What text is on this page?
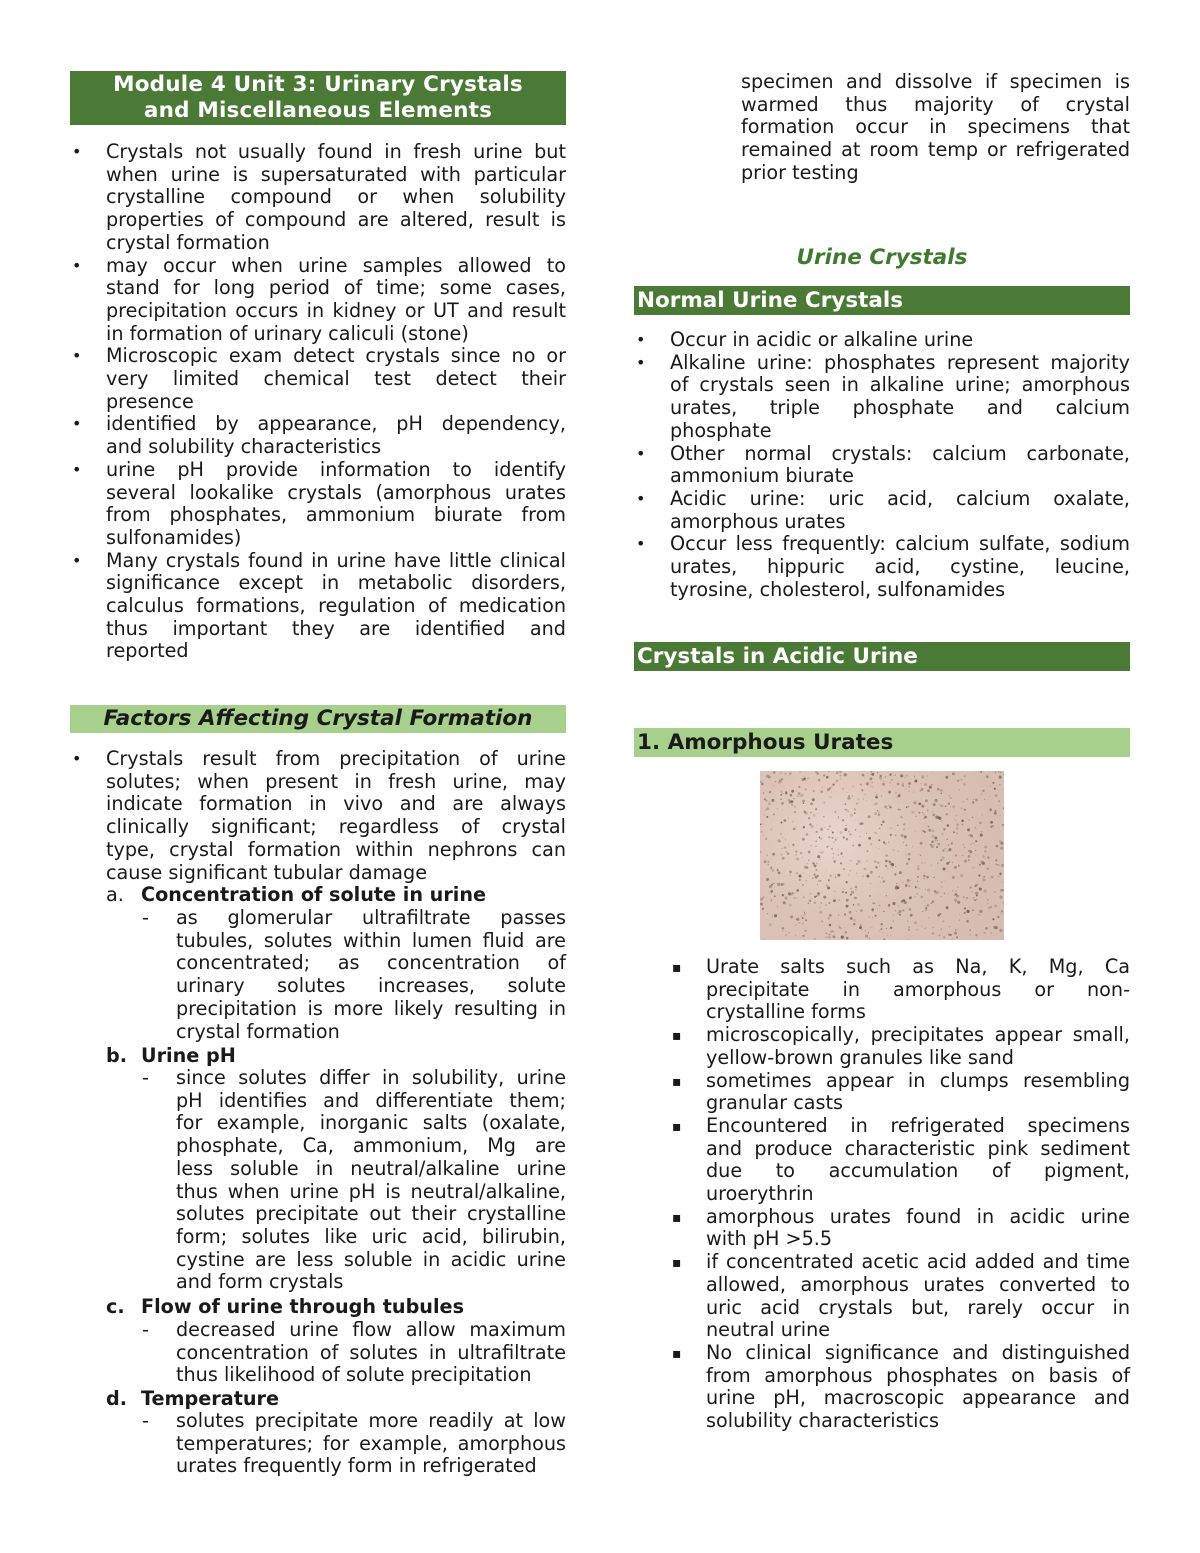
Module 4 Unit 3: Urinary Crystals
and Miscellaneous Elements
• Crystals not usually found in fresh urine but
when urine is supersaturated with particular
crystalline compound or when solubility
properties of compound are altered, result is
crystal formation
• may occur when urine samples allowed to
stand for long period of time; some cases,
precipitation occurs in kidney or UT and result
in formation of urinary caliculi (stone)
• Microscopic exam detect crystals since no or
very limited chemical test detect their
presence
• identified by appearance, pH dependency,
and solubility characteristics
• urine pH provide information to identify
several lookalike crystals (amorphous urates
from phosphates, ammonium biurate from
sulfonamides)
• Many crystals found in urine have little clinical
significance except in metabolic disorders,
calculus formations, regulation of medication
thus important they are identified and
reported
Factors Affecting Crystal Formation
• Crystals result from precipitation of urine
solutes; when present in fresh urine, may
indicate formation in vivo and are always
clinically significant; regardless of crystal
type, crystal formation within nephrons can
cause significant tubular damage
a. Concentration of solute in urine
- as glomerular ultrafiltrate passes
tubules, solutes within lumen fluid are
concentrated; as concentration of
urinary solutes increases, solute
precipitation is more likely resulting in
crystal formation
b. Urine pH
- since solutes differ in solubility, urine
pH identifies and differentiate them;
for example, inorganic salts (oxalate,
phosphate, Ca, ammonium, Mg are
less soluble in neutral/alkaline urine
thus when urine pH is neutral/alkaline,
solutes precipitate out their crystalline
form; solutes like uric acid, bilirubin,
cystine are less soluble in acidic urine
and form crystals
c. Flow of urine through tubules
- decreased urine flow allow maximum
concentration of solutes in ultrafiltrate
thus likelihood of solute precipitation
d. Temperature
- solutes precipitate more readily at low
temperatures; for example, amorphous
urates frequently form in refrigerated
specimen and dissolve if specimen is
warmed thus majority of crystal
formation occur in specimens that
remained at room temp or refrigerated
prior testing
Urine Crystals
Normal Urine Crystals
• Occur in acidic or alkaline urine
• Alkaline urine: phosphates represent majority
of crystals seen in alkaline urine; amorphous
urates, triple phosphate and calcium
phosphate
• Other normal crystals: calcium carbonate,
ammonium biurate
• Acidic urine: uric acid, calcium oxalate,
amorphous urates
• Occur less frequently: calcium sulfate, sodium
urates, hippuric acid, cystine, leucine,
tyrosine, cholesterol, sulfonamides
Crystals in Acidic Urine
1. Amorphous Urates
▪ Urate salts such as Na, K, Mg, Ca
precipitate in amorphous or non-
crystalline forms
▪ microscopically, precipitates appear small,
yellow-brown granules like sand
▪ sometimes appear in clumps resembling
granular casts
▪ Encountered in refrigerated specimens
and produce characteristic pink sediment
due to accumulation of pigment,
uroerythrin
▪ amorphous urates found in acidic urine
with pH >5.5
▪ if concentrated acetic acid added and time
allowed, amorphous urates converted to
uric acid crystals but, rarely occur in
neutral urine
▪ No clinical significance and distinguished
from amorphous phosphates on basis of
urine pH, macroscopic appearance and
solubility characteristics
